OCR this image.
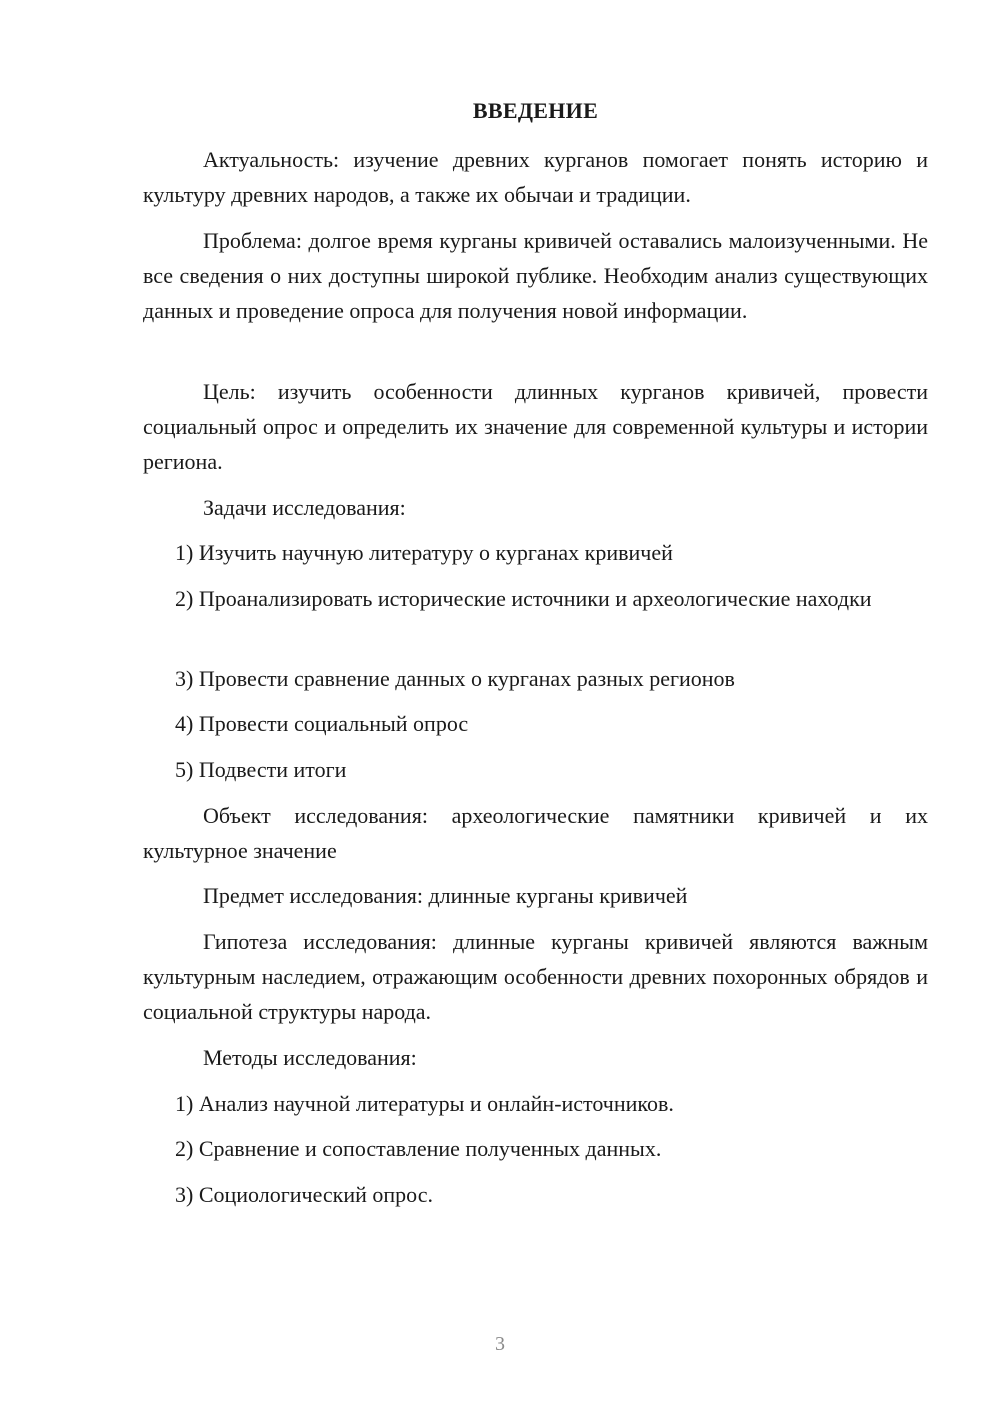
ВВЕДЕНИЕ

Актуальность: изучение древних курганов помогает понять историю и культуру древних народов, а также их обычаи и традиции.

Проблема: долгое время курганы кривичей оставались малоизученными. Не все сведения о них доступны широкой публике. Необходим анализ существующих данных и проведение опроса для получения новой информации.

Цель: изучить особенности длинных курганов кривичей, провести социальный опрос и определить их значение для современной культуры и истории региона.

Задачи исследования:

1) Изучить научную литературу о курганах кривичей

2) Проанализировать исторические источники и археологические находки

3) Провести сравнение данных о курганах разных регионов

4) Провести социальный опрос

5) Подвести итоги

Объект исследования: археологические памятники кривичей и их культурное значение

Предмет исследования: длинные курганы кривичей

Гипотеза исследования: длинные курганы кривичей являются важным культурным наследием, отражающим особенности древних похоронных обрядов и социальной структуры народа.

Методы исследования:

1) Анализ научной литературы и онлайн-источников.

2) Сравнение и сопоставление полученных данных.

3) Социологический опрос.

3
